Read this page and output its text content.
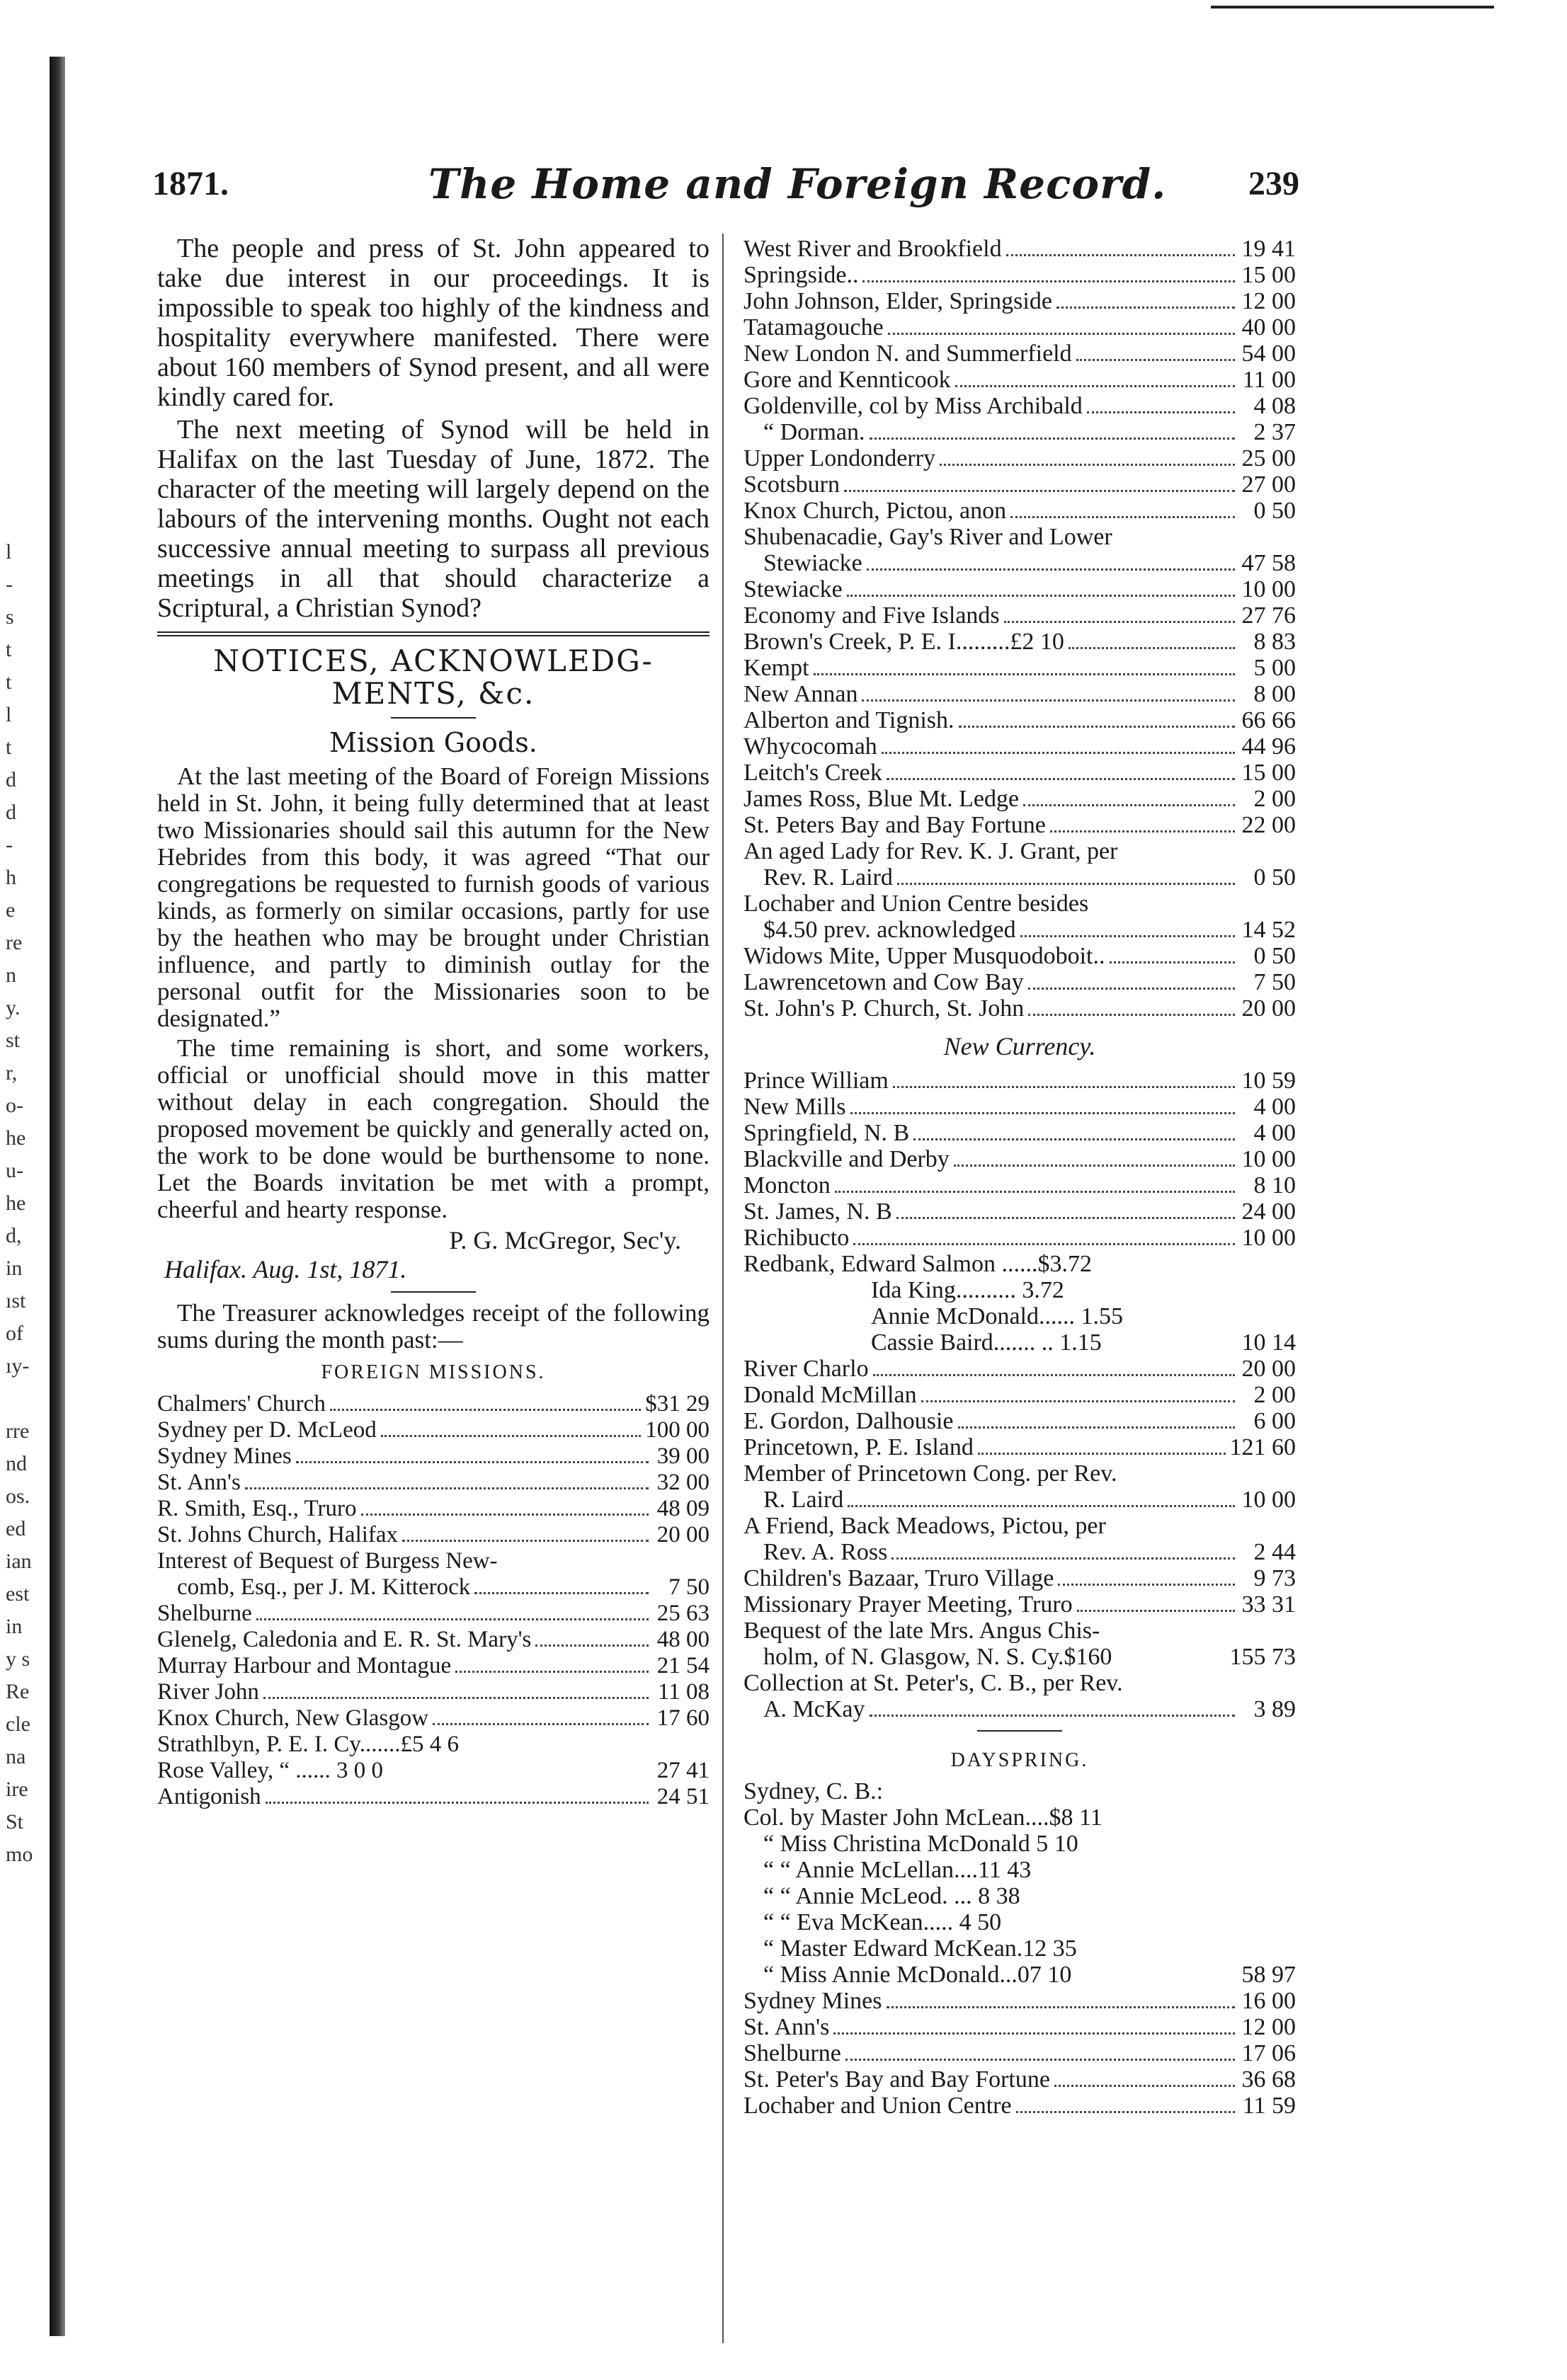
l
-
s
t
t
l
t
d
d
-
h
e
re
n
y.
st
r,
o-
he
u-
he
d,
in
ıst
of
ıy-
rre
nd
os.
ed
ian
est
in
y s
Re
cle
na
ire
St
mo
1871.	The Home and Foreign Record. 239

The people and press of St. John appeared to take due interest in our proceedings. It is impossible to speak too highly of the kindness and hospitality everywhere manifested. There were about 160 members of Synod present, and all were kindly cared for.

The next meeting of Synod will be held in Halifax on the last Tuesday of June, 1872. The character of the meeting will largely depend on the labours of the intervening months. Ought not each successive annual meeting to surpass all previous meetings in all that should characterize a Scriptural, a Christian Synod?

NOTICES, ACKNOWLEDG-MENTS, &c.
Mission Goods.

At the last meeting of the Board of Foreign Missions held in St. John, it being fully determined that at least two Missionaries should sail this autumn for the New Hebrides from this body, it was agreed “That our congregations be requested to furnish goods of various kinds, as formerly on similar occasions, partly for use by the heathen who may be brought under Christian influence, and partly to diminish outlay for the personal outfit for the Missionaries soon to be designated.”

The time remaining is short, and some workers, official or unofficial should move in this matter without delay in each congregation. Should the proposed movement be quickly and generally acted on, the work to be done would be burthensome to none. Let the Boards invitation be met with a prompt, cheerful and hearty response.

P. G. McGregor, Sec'y.
Halifax. Aug. 1st, 1871.

The Treasurer acknowledges receipt of the following sums during the month past:—

FOREIGN MISSIONS.
Chalmers' Church	$31 29
Sydney per D. McLeod	100 00
Sydney Mines	39 00
St. Ann's	32 00
R. Smith, Esq., Truro	48 09
St. Johns Church, Halifax	20 00
Interest of Bequest of Burgess New-
comb, Esq., per J. M. Kitterock	7 50
Shelburne	25 63
Glenelg, Caledonia and E. R. St. Mary's	48 00
Murray Harbour and Montague	21 54
River John	11 08
Knox Church, New Glasgow	17 60
Strathlbyn, P. E. I. Cy.......£5 4 6
Rose Valley, “ ...... 3 0 0	27 41
Antigonish	24 51
West River and Brookfield	19 41
Springside..	15 00
John Johnson, Elder, Springside	12 00
Tatamagouche	40 00
New London N. and Summerfield	54 00
Gore and Kennticook	11 00
Goldenville, col by Miss Archibald	4 08
“ Dorman.	2 37
Upper Londonderry	25 00
Scotsburn	27 00
Knox Church, Pictou, anon	0 50
Shubenacadie, Gay's River and Lower
Stewiacke	47 58
Stewiacke	10 00
Economy and Five Islands	27 76
Brown's Creek, P. E. I.........£2 10	8 83
Kempt	5 00
New Annan	8 00
Alberton and Tignish.	66 66
Whycocomah	44 96
Leitch's Creek	15 00
James Ross, Blue Mt. Ledge	2 00
St. Peters Bay and Bay Fortune	22 00
An aged Lady for Rev. K. J. Grant, per
Rev. R. Laird	0 50
Lochaber and Union Centre besides
$4.50 prev. acknowledged	14 52
Widows Mite, Upper Musquodoboit..	0 50
Lawrencetown and Cow Bay	7 50
St. John's P. Church, St. John	20 00
New Currency.
Prince William	10 59
New Mills	4 00
Springfield, N. B	4 00
Blackville and Derby	10 00
Moncton	8 10
St. James, N. B	24 00
Richibucto	10 00
Redbank, Edward Salmon ......$3.72
Ida King.......... 3.72
Annie McDonald...... 1.55
Cassie Baird....... .. 1.15	10 14
River Charlo	20 00
Donald McMillan	2 00
E. Gordon, Dalhousie	6 00
Princetown, P. E. Island	121 60
Member of Princetown Cong. per Rev.
R. Laird	10 00
A Friend, Back Meadows, Pictou, per
Rev. A. Ross	2 44
Children's Bazaar, Truro Village	9 73
Missionary Prayer Meeting, Truro	33 31
Bequest of the late Mrs. Angus Chis-
holm, of N. Glasgow, N. S. Cy.$160	155 73
Collection at St. Peter's, C. B., per Rev.
A. McKay	3 89
DAYSPRING.
Sydney, C. B.:
Col. by Master John McLean....$8 11
“ Miss Christina McDonald 5 10
“ “ Annie McLellan....11 43
“ “ Annie McLeod. ... 8 38
“ “ Eva McKean..... 4 50
“ Master Edward McKean.12 35
“ Miss Annie McDonald...07 10	58 97
Sydney Mines	16 00
St. Ann's	12 00
Shelburne	17 06
St. Peter's Bay and Bay Fortune	36 68
Lochaber and Union Centre	11 59
